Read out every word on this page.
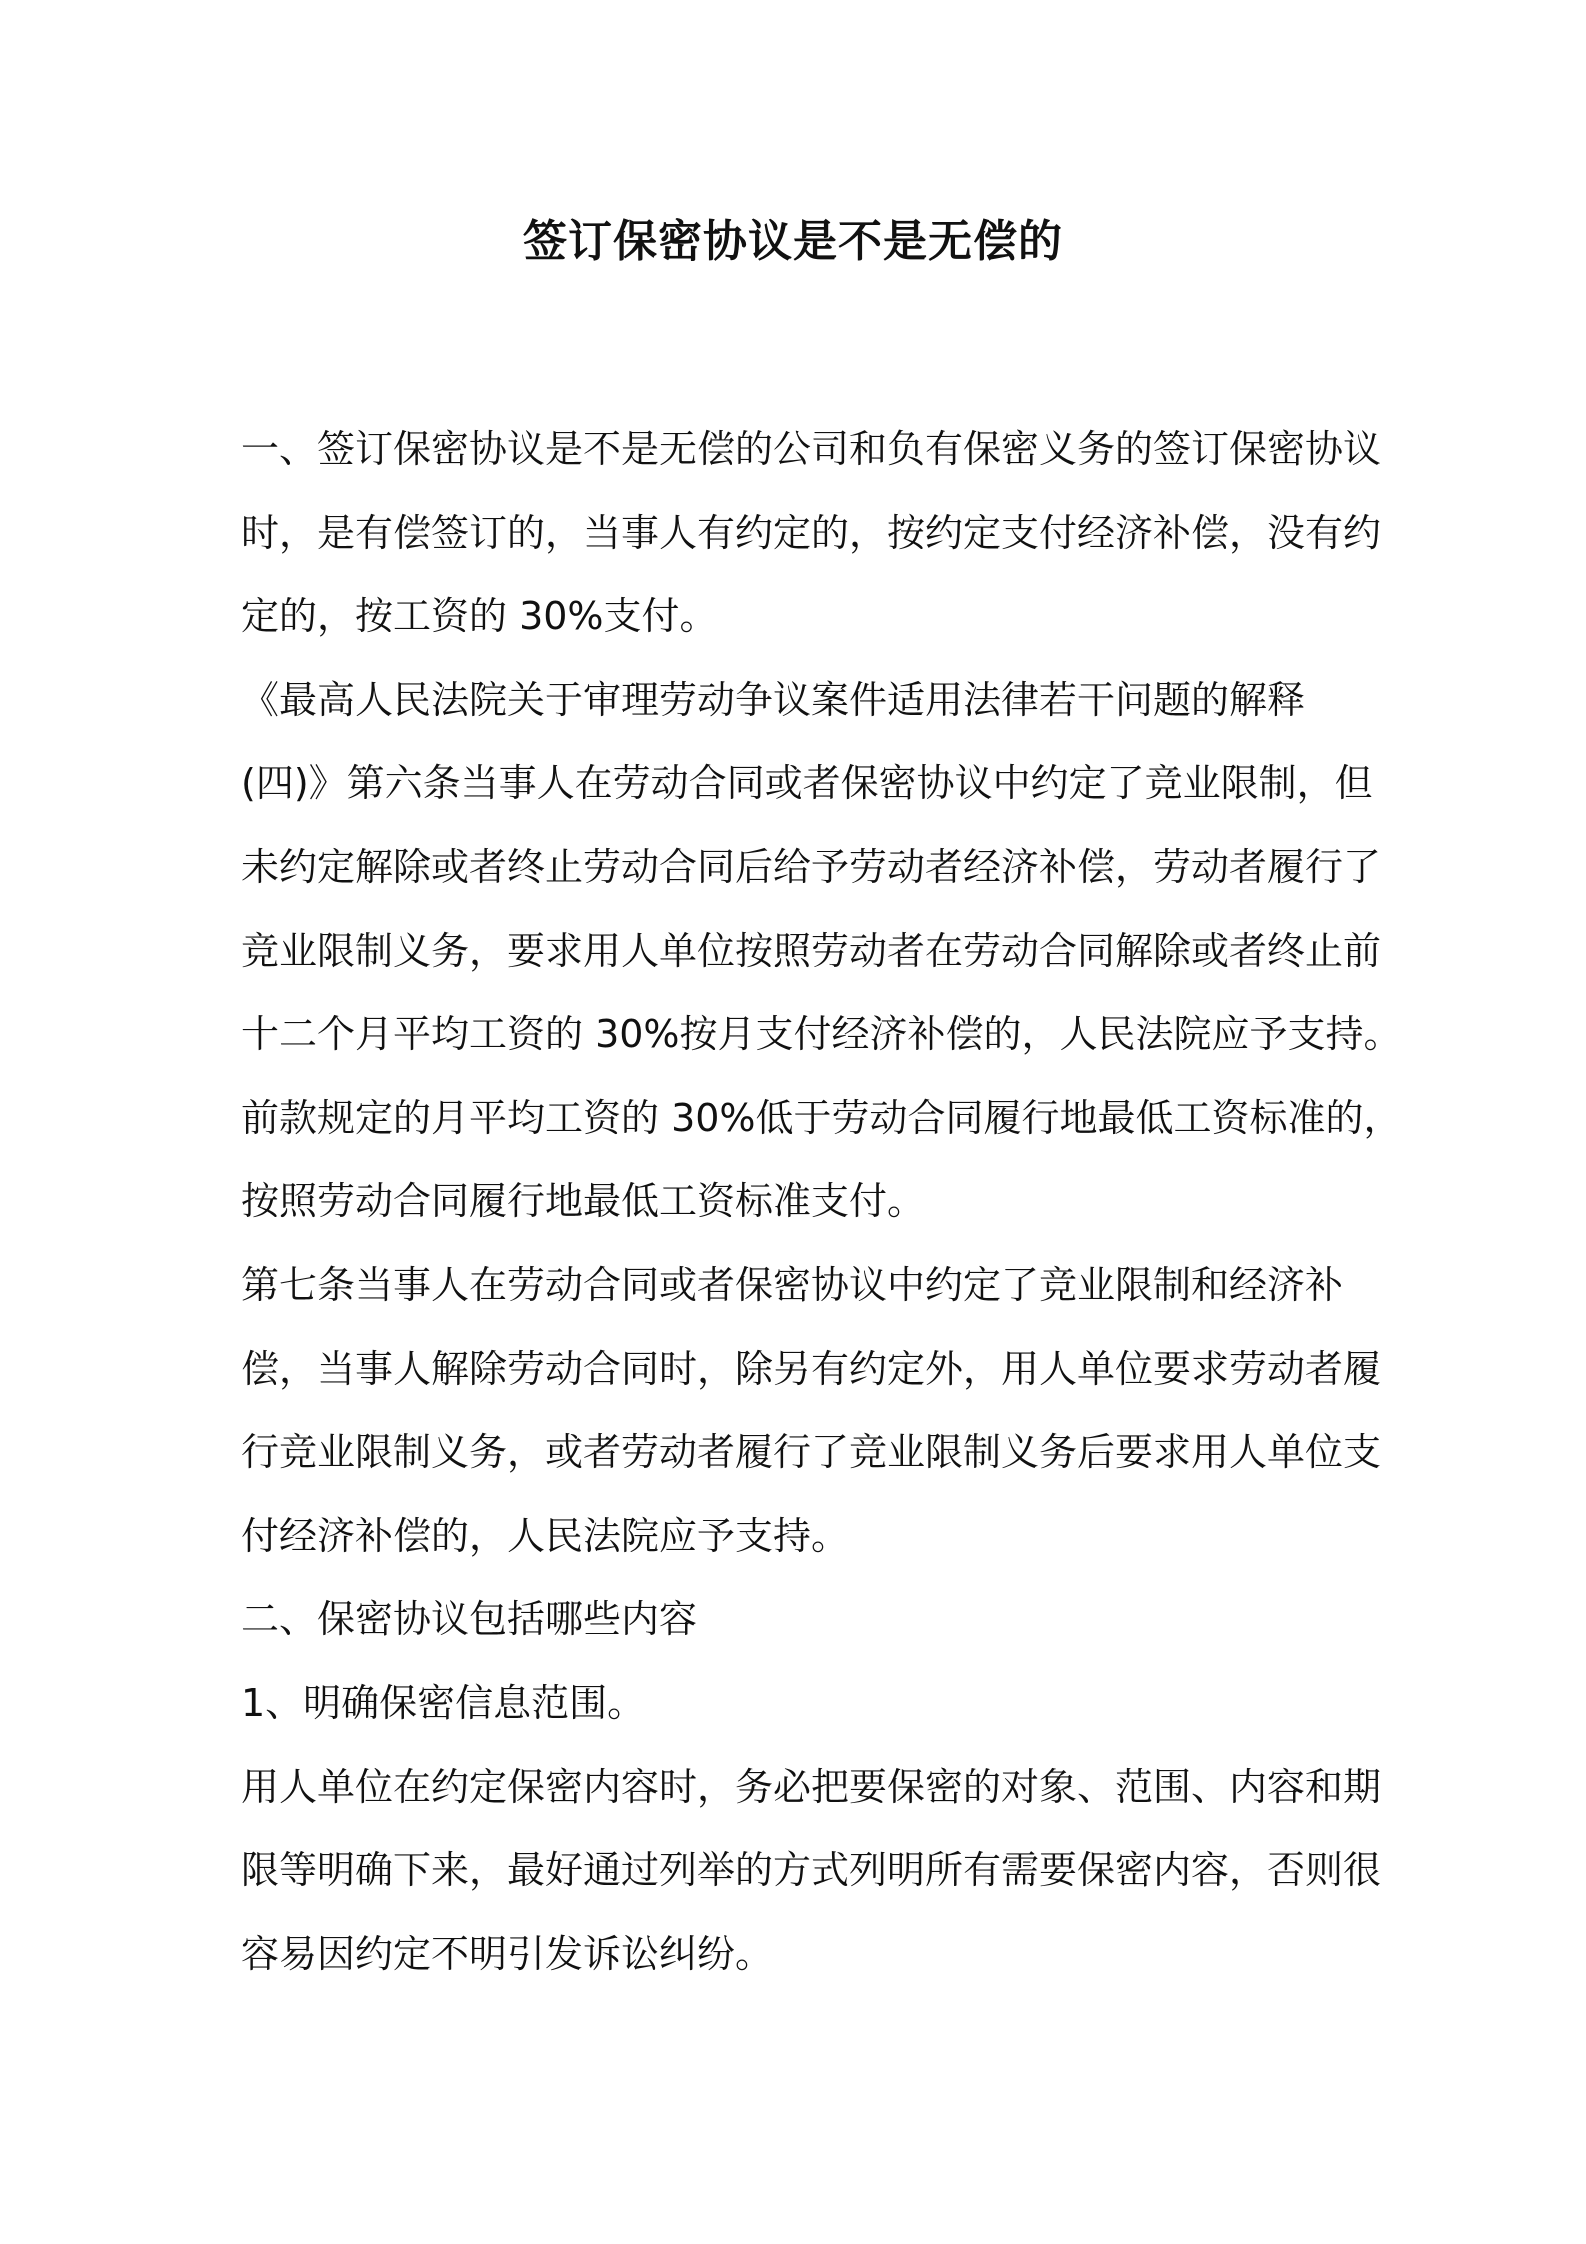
签订保密协议是不是无偿的

一、签订保密协议是不是无偿的公司和负有保密义务的签订保密协议

时，是有偿签订的，当事人有约定的，按约定支付经济补偿，没有约

定的，按工资的 30%支付。

《最高人民法院关于审理劳动争议案件适用法律若干问题的解释

(四)》第六条当事人在劳动合同或者保密协议中约定了竞业限制，但

未约定解除或者终止劳动合同后给予劳动者经济补偿，劳动者履行了

竞业限制义务，要求用人单位按照劳动者在劳动合同解除或者终止前

十二个月平均工资的 30%按月支付经济补偿的，人民法院应予支持。

前款规定的月平均工资的 30%低于劳动合同履行地最低工资标准的，

按照劳动合同履行地最低工资标准支付。

第七条当事人在劳动合同或者保密协议中约定了竞业限制和经济补

偿，当事人解除劳动合同时，除另有约定外，用人单位要求劳动者履

行竞业限制义务，或者劳动者履行了竞业限制义务后要求用人单位支

付经济补偿的，人民法院应予支持。

二、保密协议包括哪些内容

1、明确保密信息范围。

用人单位在约定保密内容时，务必把要保密的对象、范围、内容和期

限等明确下来，最好通过列举的方式列明所有需要保密内容，否则很

容易因约定不明引发诉讼纠纷。
